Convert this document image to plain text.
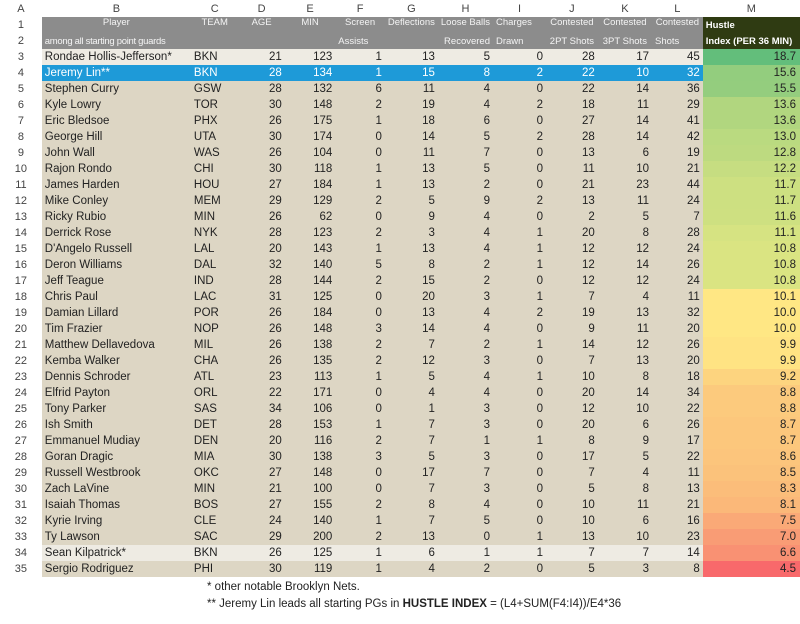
A	B	C	D	E	F	G	H	I	J	K	L	M
1	Player	TEAM	AGE	MIN	Screen	Deflections	Loose Balls	Charges	Contested	Contested	Contested	Hustle
2	among all starting point guards				Assists		Recovered	Drawn	2PT Shots	3PT Shots	Shots	Index (PER 36 MIN)
3	Rondae Hollis-Jefferson*	BKN	21	123	1	13	5	0	28	17	45	18.7
4	Jeremy Lin**	BKN	28	134	1	15	8	2	22	10	32	15.6
5	Stephen Curry	GSW	28	132	6	11	4	0	22	14	36	15.5
6	Kyle Lowry	TOR	30	148	2	19	4	2	18	11	29	13.6
7	Eric Bledsoe	PHX	26	175	1	18	6	0	27	14	41	13.6
8	George Hill	UTA	30	174	0	14	5	2	28	14	42	13.0
9	John Wall	WAS	26	104	0	11	7	0	13	6	19	12.8
10	Rajon Rondo	CHI	30	118	1	13	5	0	11	10	21	12.2
11	James Harden	HOU	27	184	1	13	2	0	21	23	44	11.7
12	Mike Conley	MEM	29	129	2	5	9	2	13	11	24	11.7
13	Ricky Rubio	MIN	26	62	0	9	4	0	2	5	7	11.6
14	Derrick Rose	NYK	28	123	2	3	4	1	20	8	28	11.1
15	D'Angelo Russell	LAL	20	143	1	13	4	1	12	12	24	10.8
16	Deron Williams	DAL	32	140	5	8	2	1	12	14	26	10.8
17	Jeff Teague	IND	28	144	2	15	2	0	12	12	24	10.8
18	Chris Paul	LAC	31	125	0	20	3	1	7	4	11	10.1
19	Damian Lillard	POR	26	184	0	13	4	2	19	13	32	10.0
20	Tim Frazier	NOP	26	148	3	14	4	0	9	11	20	10.0
21	Matthew Dellavedova	MIL	26	138	2	7	2	1	14	12	26	9.9
22	Kemba Walker	CHA	26	135	2	12	3	0	7	13	20	9.9
23	Dennis Schroder	ATL	23	113	1	5	4	1	10	8	18	9.2
24	Elfrid Payton	ORL	22	171	0	4	4	0	20	14	34	8.8
25	Tony Parker	SAS	34	106	0	1	3	0	12	10	22	8.8
26	Ish Smith	DET	28	153	1	7	3	0	20	6	26	8.7
27	Emmanuel Mudiay	DEN	20	116	2	7	1	1	8	9	17	8.7
28	Goran Dragic	MIA	30	138	3	5	3	0	17	5	22	8.6
29	Russell Westbrook	OKC	27	148	0	17	7	0	7	4	11	8.5
30	Zach LaVine	MIN	21	100	0	7	3	0	5	8	13	8.3
31	Isaiah Thomas	BOS	27	155	2	8	4	0	10	11	21	8.1
32	Kyrie Irving	CLE	24	140	1	7	5	0	10	6	16	7.5
33	Ty Lawson	SAC	29	200	2	13	0	1	13	10	23	7.0
34	Sean Kilpatrick*	BKN	26	125	1	6	1	1	7	7	14	6.6
35	Sergio Rodriguez	PHI	30	119	1	4	2	0	5	3	8	4.5
* other notable Brooklyn Nets.
** Jeremy Lin leads all starting PGs in HUSTLE INDEX = (L4+SUM(F4:I4))/E4*36
